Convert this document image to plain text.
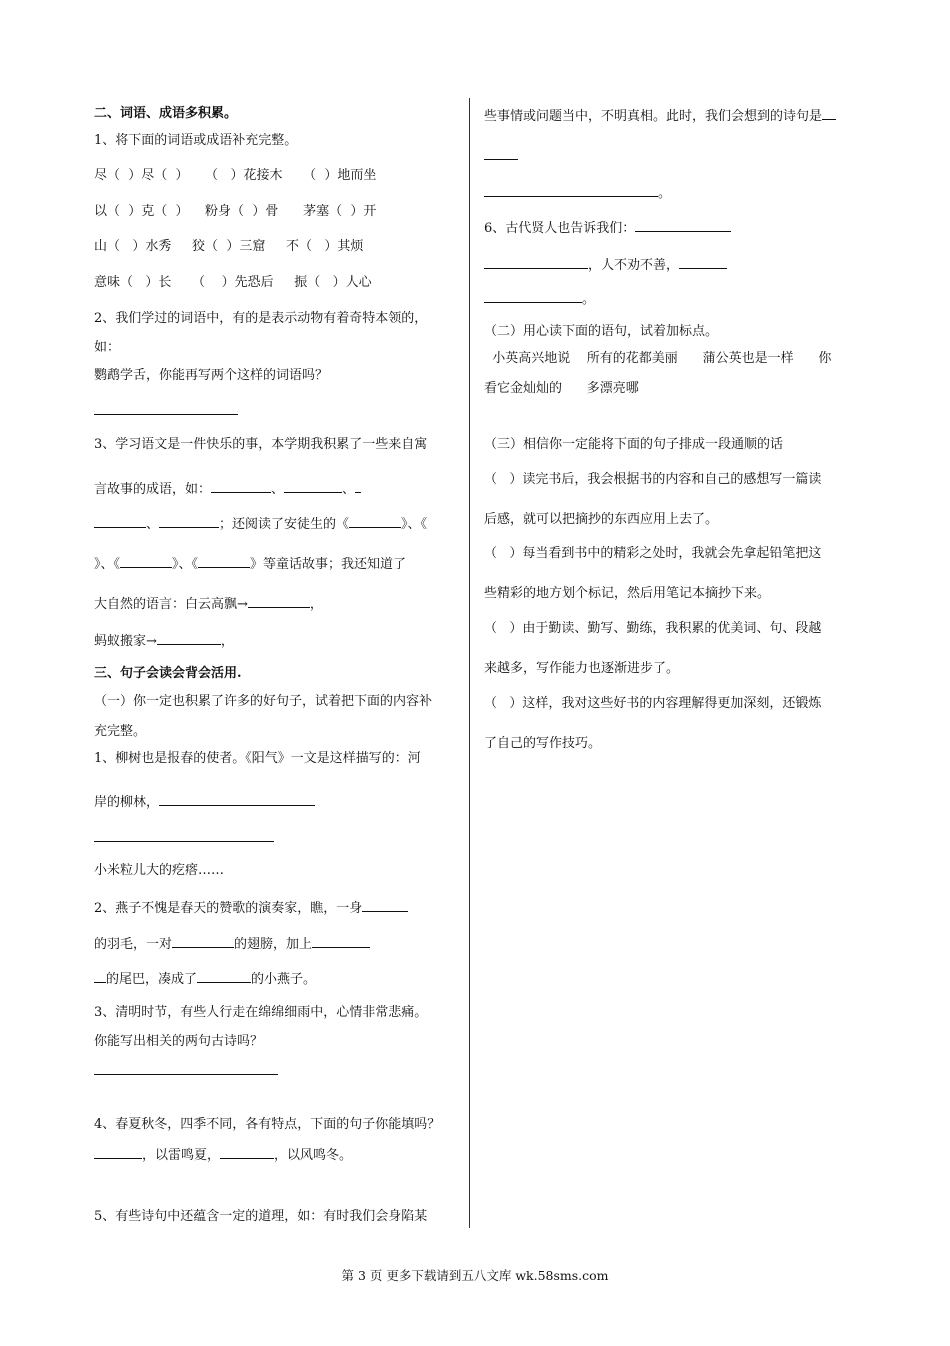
二、词语、成语多积累。
1、将下面的词语或成语补充完整。
尽（  ）尽（  ）    （   ）花接木     （  ）地而坐
以（  ）克（  ）    粉身（  ）骨      茅塞（  ）开
山（   ）水秀     狡（  ）三窟     不（   ）其烦
意味（   ）长     （    ）先恐后     振（   ）人心
2、我们学过的词语中，有的是表示动物有着奇特本领的，
如：
鹦鹉学舌，你能再写两个这样的词语吗？
3、学习语文是一件快乐的事，本学期我积累了一些来自寓
言故事的成语，如：	、	、
、	；还阅读了安徒生的《	》、《
》、《	》、《	》等童话故事；我还知道了
大自然的语言：白云高飘→	，
蚂蚁搬家→	，
三、句子会读会背会活用.
（一）你一定也积累了许多的好句子，试着把下面的内容补
充完整。
1、柳树也是报春的使者。《阳气》一文是这样描写的：河
岸的柳林，
小米粒儿大的疙瘩……
2、燕子不愧是春天的赞歌的演奏家，瞧，一身
的羽毛，一对	的翅膀，加上
的尾巴，凑成了	的小燕子。
3、清明时节，有些人行走在绵绵细雨中，心情非常悲痛。
你能写出相关的两句古诗吗？
4、春夏秋冬，四季不同，各有特点，下面的句子你能填吗？
，以雷鸣夏，	，以风鸣冬。
5、有些诗句中还蕴含一定的道理，如：有时我们会身陷某
些事情或问题当中，不明真相。此时，我们会想到的诗句是
。
6、古代贤人也告诉我们：
，人不劝不善，
。
（二）用心读下面的语句，试着加标点。
小英高兴地说    所有的花都美丽      蒲公英也是一样      你
看它金灿灿的      多漂亮哪
（三）相信你一定能将下面的句子排成一段通顺的话
（   ）读完书后，我会根据书的内容和自己的感想写一篇读
后感，就可以把摘抄的东西应用上去了。
（   ）每当看到书中的精彩之处时，我就会先拿起铅笔把这
些精彩的地方划个标记，然后用笔记本摘抄下来。
（   ）由于勤读、勤写、勤练，我积累的优美词、句、段越
来越多，写作能力也逐渐进步了。
（   ）这样，我对这些好书的内容理解得更加深刻，还锻炼
了自己的写作技巧。
第 3 页 更多下载请到五八文库 wk.58sms.com
